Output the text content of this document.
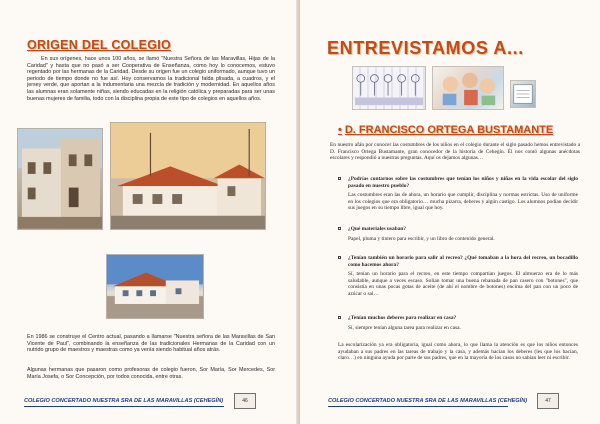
ORIGEN DEL COLEGIO
En sus orígenes, hace unos 100 años, se llamó "Nuestra Señora de las Maravillas, Hijas de la Caridad" y hasta que no pasó a ser Cooperativa de Enseñanza, como hoy lo conocemos, estuvo regentado por las hermanas de la Caridad. Desde su origen fue un colegio uniformado, aunque tuvo un periodo de tiempo donde no fue así. Hoy conservamos la tradicional falda plisada, a cuadros, y el jersey verde, que aportan a la indumentaria una mezcla de tradición y modernidad. En aquellos años las alumnas eran solamente niñas, siendo educadas en la religión católica y preparadas para ser unas buenas mujeres de familia, todo con la disciplina propia de este tipo de colegios en aquellos años.
En 1986 se construye el Centro actual, pasando a llamarse "Nuestra señora de las Maravillas de San Vicente de Paul", combinando la enseñanza de las tradicionales Hermanas de la Caridad con un nutrido grupo de maestros y maestras como ya venía siendo habitual años atrás.
Algunas hermanas que pasaron como profesoras de colegio fueron, Sor María, Sor Mercedes, Sor María Josefa, o Sor Concepción, por todos conocida, entre otras.
COLEGIO CONCERTADO NUESTRA SRA DE LAS MARAVILLAS (CEHEGÍN)	46
ENTREVISTAMOS A...
• D. FRANCISCO ORTEGA BUSTAMANTE
En nuestro afán por conocer las costumbres de los niños en el colegio durante el siglo pasado hemos entrevistado a D. Francisco Ortega Bustamante, gran conocedor de la historia de Cehegín. Él nos contó algunas anécdotas escolares y respondió a nuestras preguntas. Aquí os dejamos algunas…
¿Podrías contarnos sobre las costumbres que tenían los niños y niñas en la vida escolar del siglo pasado en nuestro pueblo?
Las costumbres eran las de ahora, un horario que cumplir, disciplina y normas estrictas. Uso de uniforme en los colegios que era obligatorio… mucha pizarra, deberes y algún castigo. Los alumnos podían decidir sus juegos en su tiempo libre, igual que hoy.
¿Qué materiales usaban?
Papel, pluma y tintero para escribir, y un libro de contenido general.
¿Tenían también un horario para salir al recreo? ¿Qué tomaban a la hora del recreo, un bocadillo como hacemos ahora?
Sí, tenían un horario para el recreo, en este tiempo compartían juegos. El almuerzo era de lo más saludable, aunque a veces escaso. Solían tomar una buena rebanada de pan casero con "botones", que consistía en unas pocas gotas de aceite (de ahí el nombre de botones) encima del pan con un poco de azúcar o sal…
¿Tenían muchos deberes para realizar en casa?
Sí, siempre tenían alguna tarea para realizar en casa.
La escolarización ya era obligatoria, igual como ahora, lo que llama la atención es que los niños entonces ayudaban a sus padres en las tareas de trabajo y la casa, y además hacían los deberes (les que los hacían, claro…) en ninguna ayuda por parte de sus padres, que en la mayoría de los casos no sabían leer ni escribir.
COLEGIO CONCERTADO NUESTRA SRA DE LAS MARAVILLAS (CEHEGÍN)	47
